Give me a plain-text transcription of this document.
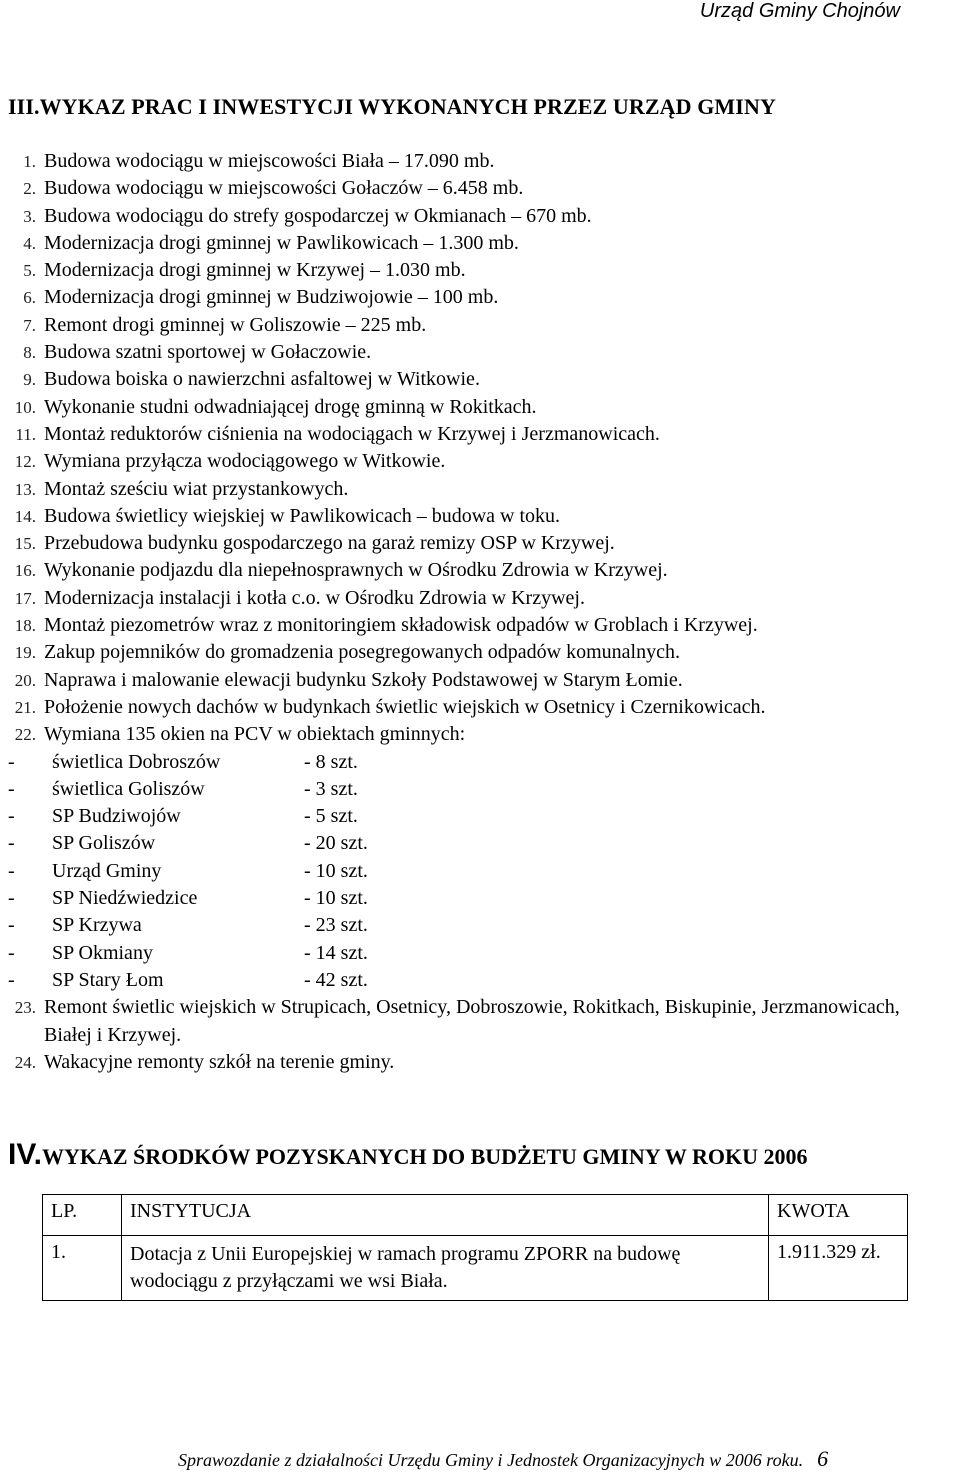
Urząd Gminy Chojnów
III.WYKAZ PRAC I INWESTYCJI WYKONANYCH PRZEZ URZĄD GMINY
1. Budowa wodociągu w miejscowości Biała – 17.090 mb.
2. Budowa wodociągu w miejscowości Gołaczów – 6.458 mb.
3. Budowa wodociągu do strefy gospodarczej w Okmianach – 670 mb.
4. Modernizacja drogi gminnej w Pawlikowicach – 1.300 mb.
5. Modernizacja drogi gminnej w Krzywej – 1.030 mb.
6. Modernizacja drogi gminnej w Budziwojowie – 100 mb.
7. Remont drogi gminnej w Goliszowie – 225 mb.
8. Budowa szatni sportowej w Gołaczowie.
9. Budowa boiska o nawierzchni asfaltowej w Witkowie.
10. Wykonanie studni odwadniającej drogę gminną w Rokitkach.
11. Montaż reduktorów ciśnienia na wodociągach w Krzywej i Jerzmanowicach.
12. Wymiana przyłącza wodociągowego w Witkowie.
13. Montaż sześciu wiat przystankowych.
14. Budowa świetlicy wiejskiej w Pawlikowicach – budowa w toku.
15. Przebudowa budynku gospodarczego na garaż remizy OSP w Krzywej.
16. Wykonanie podjazdu dla niepełnosprawnych w Ośrodku Zdrowia w Krzywej.
17. Modernizacja instalacji i kotła c.o. w Ośrodku Zdrowia w Krzywej.
18. Montaż piezometrów wraz z monitoringiem składowisk odpadów w Groblach i Krzywej.
19. Zakup pojemników do gromadzenia posegregowanych odpadów komunalnych.
20. Naprawa i malowanie elewacji budynku Szkoły Podstawowej w Starym Łomie.
21. Położenie nowych dachów w budynkach świetlic wiejskich w Osetnicy i Czernikowicach.
22. Wymiana 135 okien na PCV w obiektach gminnych:
-	świetlica Dobroszów	- 8 szt.
-	świetlica Goliszów	- 3 szt.
-	SP Budziwojów	- 5 szt.
-	SP Goliszów	- 20 szt.
-	Urząd Gminy	- 10 szt.
-	SP Niedźwiedzice	- 10 szt.
-	SP Krzywa	- 23 szt.
-	SP Okmiany	- 14 szt.
-	SP Stary Łom	- 42 szt.
23. Remont świetlic wiejskich w Strupicach, Osetnicy, Dobroszowie, Rokitkach, Biskupinie, Jerzmanowicach, Białej i Krzywej.
24. Wakacyjne remonty szkół na terenie gminy.
IV. WYKAZ ŚRODKÓW POZYSKANYCH DO BUDŻETU GMINY W ROKU 2006
LP.	INSTYTUCJA	KWOTA
1.	Dotacja z Unii Europejskiej w ramach programu ZPORR na budowę wodociągu z przyłączami we wsi Biała.	1.911.329 zł.
Sprawozdanie z działalności Urzędu Gminy i Jednostek Organizacyjnych w 2006 roku. 6
